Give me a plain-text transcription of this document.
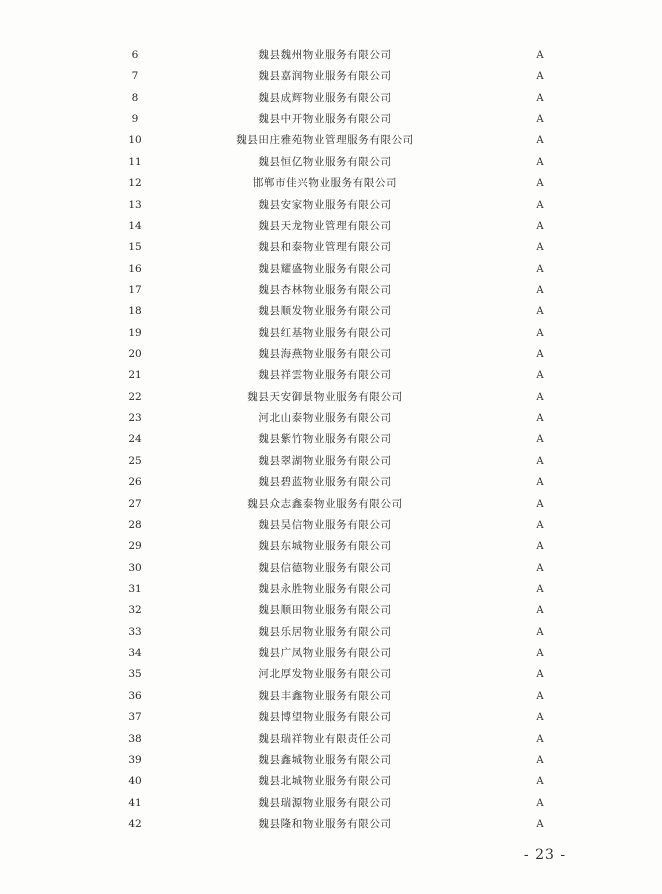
6	魏县魏州物业服务有限公司	A
7	魏县嘉润物业服务有限公司	A
8	魏县成辉物业服务有限公司	A
9	魏县中开物业服务有限公司	A
10	魏县田庄雅苑物业管理服务有限公司	A
11	魏县恒亿物业服务有限公司	A
12	邯郸市佳兴物业服务有限公司	A
13	魏县安家物业服务有限公司	A
14	魏县天龙物业管理有限公司	A
15	魏县和泰物业管理有限公司	A
16	魏县耀盛物业服务有限公司	A
17	魏县杏林物业服务有限公司	A
18	魏县顺发物业服务有限公司	A
19	魏县红基物业服务有限公司	A
20	魏县海燕物业服务有限公司	A
21	魏县祥雲物业服务有限公司	A
22	魏县天安御景物业服务有限公司	A
23	河北山泰物业服务有限公司	A
24	魏县紫竹物业服务有限公司	A
25	魏县翠湖物业服务有限公司	A
26	魏县碧蓝物业服务有限公司	A
27	魏县众志鑫泰物业服务有限公司	A
28	魏县昊信物业服务有限公司	A
29	魏县东城物业服务有限公司	A
30	魏县信德物业服务有限公司	A
31	魏县永胜物业服务有限公司	A
32	魏县顺田物业服务有限公司	A
33	魏县乐居物业服务有限公司	A
34	魏县广凤物业服务有限公司	A
35	河北厚发物业服务有限公司	A
36	魏县丰鑫物业服务有限公司	A
37	魏县博望物业服务有限公司	A
38	魏县瑞祥物业有限责任公司	A
39	魏县鑫城物业服务有限公司	A
40	魏县北城物业服务有限公司	A
41	魏县瑞源物业服务有限公司	A
42	魏县隆和物业服务有限公司	A
- 23 -
